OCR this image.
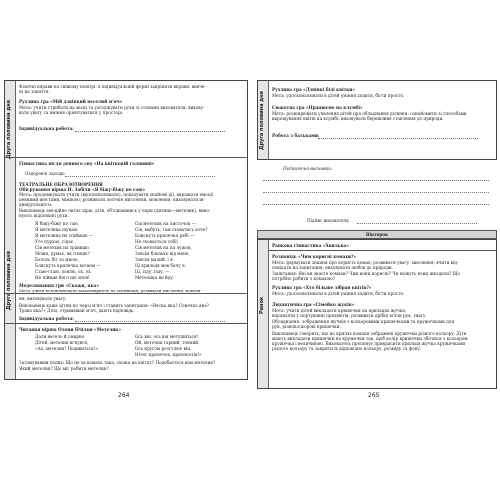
Друга половина дня
Друга половина дня
Фізичні вправи на свіжому повітрі: в індивідуальній формі закріпити вправи, вивче-
ні на заняття.
Рухлива гра «Мій дзвінкий веселий м'яч»
Мета: учити стрибати на місці та узгоджувати рухи зі словами вихователя; вихову-
вати увагу та вміння орієнтуватися у просторі.
Індивідуальна робота:
Гімнастика після денного сну «На квітковій галявині»
Оздоровчі заходи:
ТЕАТРАЛЬНЕ ОБРАЗОТВОРЕННЯ
Обігрування вірша Н. Забіли «Я біжу-біжу по гаю»
Мета: продовжувати учити (вдосконалювати), показувати знайомі дії, виражати емоції
певними жестами, мімікою; розвивати логічне мислення, мовлення; виховувати ін-
дивідуальність.
Виконавець емоційно читає вірш, діти, об'єднавшись у пари (дитина—метелик), вико-
нують відповідні рухи.
Я біжу-біжу по гаю,
Я метелика шукаю.
Я метелика не спіймаю —
Усе пурхає, сідає.
Сів метелик на травицю,
Може, думає, як птицю?
Бачать біг за мною,
Блиснуть крилечка вогнем —
Стаю-стаю, ловлю, ох, ох,
Не піймав його ще знов!
Сів метелик на листочок —
Сів, мабуть, там сховатись хоче?
Блиснуть крилечка рябі —
Не сховається собі!
Сів метелик на па лужок,
Зовсім близько від мене,
Зовсім малий, і я
Ці крильця мов бачу я.
Ці, ізду, ізду, —
Метелика не йду.
Моделювання гри «Скажи, яка»
Мета: учити встановлювати закономірність по ілюмінації; розвивати мислення, мовлен-
ня; виховувати увагу.
Виконавець каже дітям по черзі м'яч і ставить запитання: «Весна яка? Сонечко яке?
Трава яка?» Діти, отримавши м'яч, дають відповідь.
Індивідуальна робота:
Читання вірша Олени Пчілки «Метелик»
Дали весело й смирно
Дітей, метелик вгнувся,
«Ах, метелик! Подивиться!»
Ось він, ось він метушиться!
Ой, метелик гарний, тонкий,
Ось кругом розгулює він,
Нічог крилечок, прилопотів!»
Затамувавши подих: Що це за комаха така, схожа на квітку? Подобається вам метелик?
Який метелик? Що міг робити метелик?
264
Друга половина дня
Рухлива гра «Дзвінкі білі квітки»
Мета: удосконалювати в дітей уміння ходити, бігти просто.
Сюжетна гра «Працюємо на клумбі»
Мета: розширювати уявлення дітей про обладнання ділянки; ознайомити зі способами
вирощування квітів на клумбі; виховувати бережливе ставлення до природи.
Робота з батьками:
Педагогічні висновки:
Підпис вихователя
Вівторок
Ранок
Ранкова гімнастика «Хвилька»
Розповідь «Чим корисні комахи?»
Мета: формувати знання про користь комах; розвивати увагу, мислення; вчити від-
повідати на запитання; виховувати любов до природи.
Запитання: Які ви знаєте комахи? Чим вони корисні? Чи можуть вони шкодити? Що
потрібно робити з комахою?
Рухлива гра «Хто більше зібрав квітів?»
Мета: удосконалювати в дітей уміння ходити, бігти просто.
Дидактична гра «Сімейко жуків»
Мета: учити дітей викладати кришечки на крильцях жучка;
вправляти у портуванні предметів; розвивати дрібні м'язи рук, увагу.
Обладнання: зображення жучків з кольоровими кришечками та кружечками для
рук, різнокольорові кришечки.
Виконавець говорить, що на крилах комахи зображені кружечки різного кольору. Діти
мають викладати кришечки на кружечки так, щоб колір кришечки збігався з кольором
кружечка і величиною. Вихователь пропонує прикрасити крильця жучка кружечками
різного кольору та закрити їх відповідно кольору, розміру та фону.
265
